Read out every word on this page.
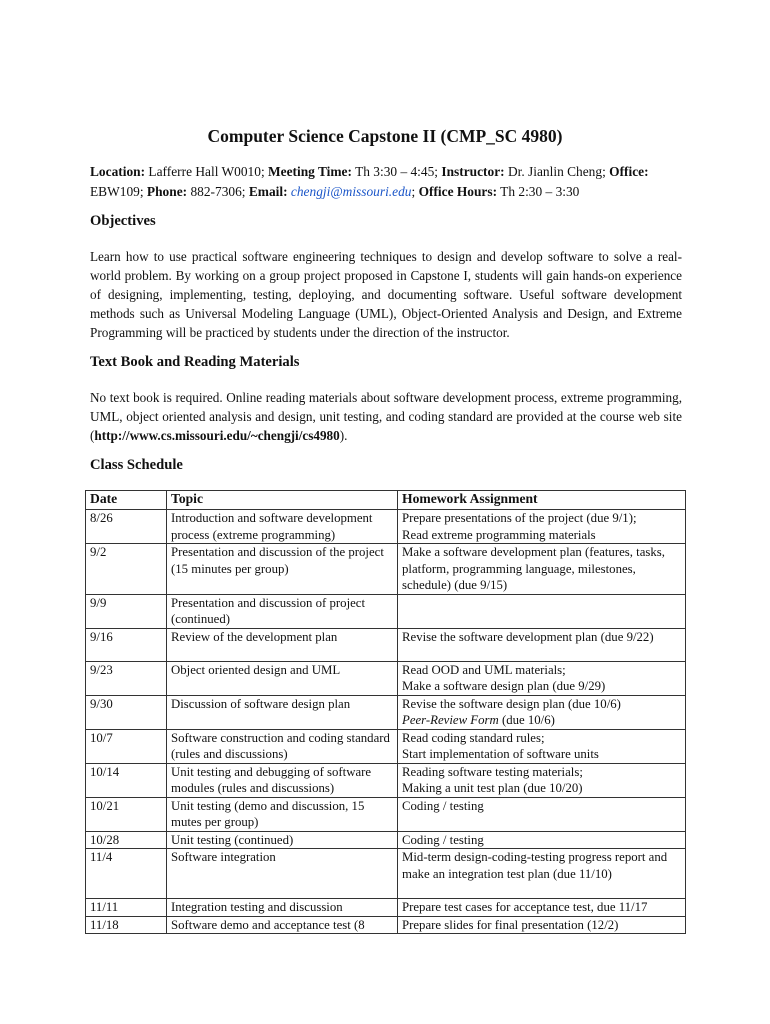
Computer Science Capstone II (CMP_SC 4980)

Location: Lafferre Hall W0010; Meeting Time: Th 3:30 – 4:45; Instructor: Dr. Jianlin Cheng; Office: EBW109; Phone: 882-7306; Email: chengji@missouri.edu; Office Hours: Th 2:30 – 3:30

Objectives

Learn how to use practical software engineering techniques to design and develop software to solve a real-world problem. By working on a group project proposed in Capstone I, students will gain hands-on experience of designing, implementing, testing, deploying, and documenting software. Useful software development methods such as Universal Modeling Language (UML), Object-Oriented Analysis and Design, and Extreme Programming will be practiced by students under the direction of the instructor.

Text Book and Reading Materials

No text book is required. Online reading materials about software development process, extreme programming, UML, object oriented analysis and design, unit testing, and coding standard are provided at the course web site (http://www.cs.missouri.edu/~chengji/cs4980).

Class Schedule
Date	Topic	Homework Assignment
8/26	Introduction and software development process (extreme programming)	Prepare presentations of the project (due 9/1);
Read extreme programming materials

9/2	Presentation and discussion of the project (15 minutes per group)	Make a software development plan (features, tasks, platform, programming language, milestones, schedule) (due 9/15)

9/9	Presentation and discussion of project (continued)	
9/16	Review of the development plan	Revise the software development plan (due 9/22)

9/23	Object oriented design and UML	Read OOD and UML materials;
Make a software design plan (due 9/29)

9/30	Discussion of software design plan	Revise the software design plan (due 10/6)
Peer-Review Form (due 10/6)

10/7	Software construction and coding standard (rules and discussions)	Read coding standard rules;
Start implementation of software units

10/14	Unit testing and debugging of software modules (rules and discussions)	Reading software testing materials;
Making a unit test plan (due 10/20)

10/21	Unit testing (demo and discussion, 15 mutes per group)	Coding / testing

10/28	Unit testing (continued)	Coding / testing

11/4	Software integration	Mid-term design-coding-testing progress report and make an integration test plan (due 11/10)

11/11	Integration testing and discussion	Prepare test cases for acceptance test, due 11/17

11/18	Software demo and acceptance test (8	Prepare slides for final presentation (12/2)
